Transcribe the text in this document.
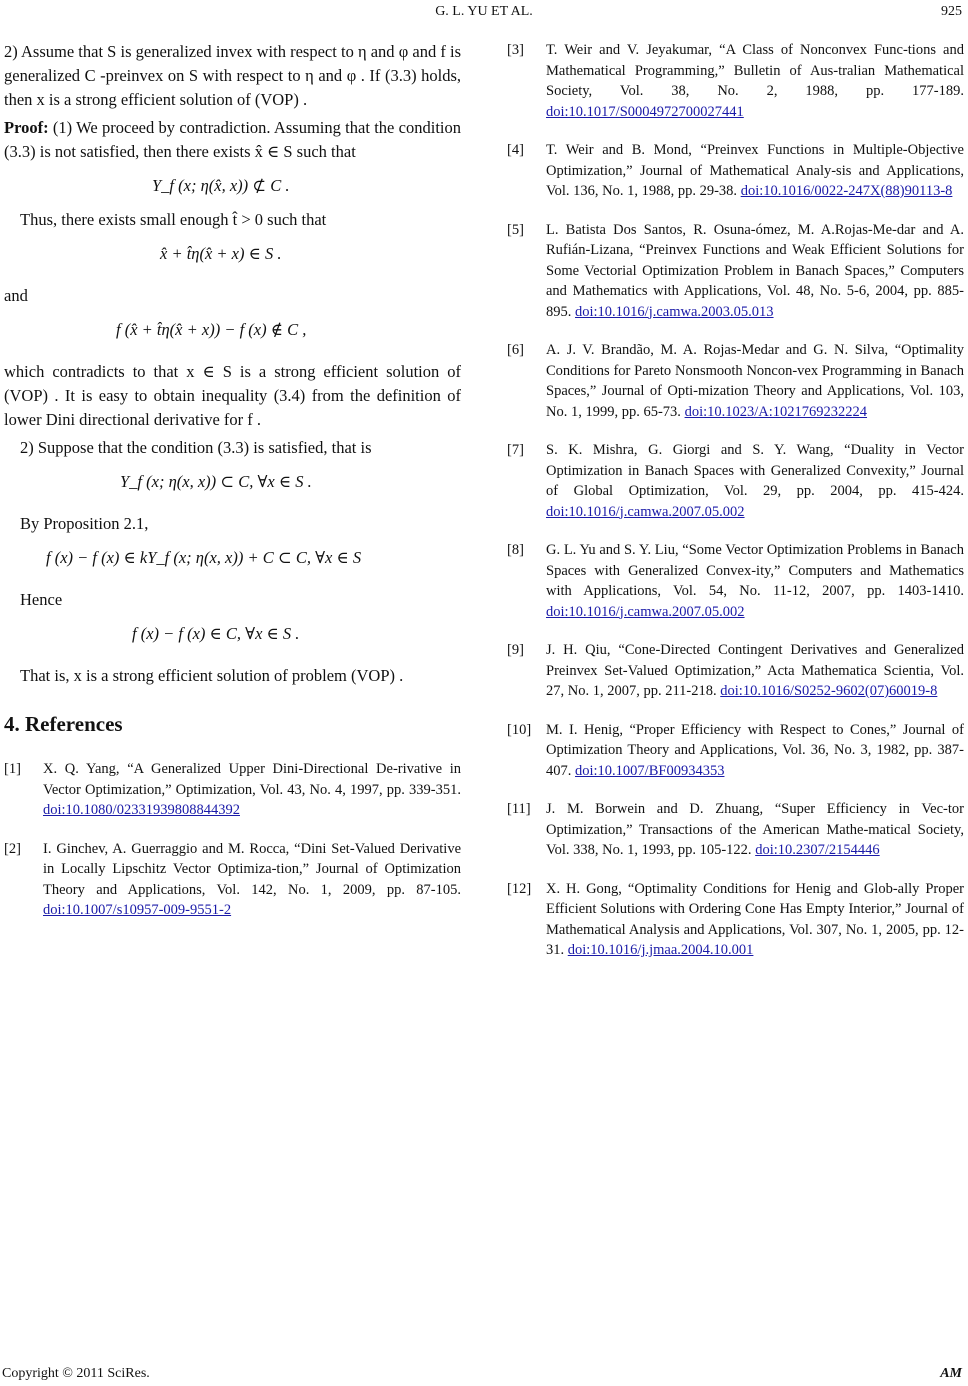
G. L. YU ET AL.	925

2) Assume that S is generalized invex with respect to η and φ and f is generalized C -preinvex on S with respect to η and φ . If (3.3) holds, then x is a strong efficient solution of (VOP) .

Proof: (1) We proceed by contradiction. Assuming that the condition (3.3) is not satisfied, then there exists x̂ ∈ S such that

Y_f (x; η(x̂, x)) ⊄ C .

Thus, there exists small enough t̂ > 0 such that

x̂ + t̂η(x̂ + x) ∈ S .

and

f (x̂ + t̂η(x̂ + x)) − f (x) ∉ C ,

which contradicts to that x ∈ S is a strong efficient solution of (VOP) . It is easy to obtain inequality (3.4) from the definition of lower Dini directional derivative for f .

2) Suppose that the condition (3.3) is satisfied, that is

Y_f (x; η(x, x)) ⊂ C, ∀x ∈ S .

By Proposition 2.1,

f (x) − f (x) ∈ kY_f (x; η(x, x)) + C ⊂ C, ∀x ∈ S

Hence

f (x) − f (x) ∈ C, ∀x ∈ S .

That is, x is a strong efficient solution of problem (VOP) .

4. References
[1] X. Q. Yang, “A Generalized Upper Dini-Directional De-rivative in Vector Optimization,” Optimization, Vol. 43, No. 4, 1997, pp. 339-351. doi:10.1080/02331939808844392
[2] I. Ginchev, A. Guerraggio and M. Rocca, “Dini Set-Valued Derivative in Locally Lipschitz Vector Optimiza-tion,” Journal of Optimization Theory and Applications, Vol. 142, No. 1, 2009, pp. 87-105. doi:10.1007/s10957-009-9551-2
[3] T. Weir and V. Jeyakumar, “A Class of Nonconvex Func-tions and Mathematical Programming,” Bulletin of Aus-tralian Mathematical Society, Vol. 38, No. 2, 1988, pp. 177-189. doi:10.1017/S0004972700027441
[4] T. Weir and B. Mond, “Preinvex Functions in Multiple-Objective Optimization,” Journal of Mathematical Analy-sis and Applications, Vol. 136, No. 1, 1988, pp. 29-38. doi:10.1016/0022-247X(88)90113-8
[5] L. Batista Dos Santos, R. Osuna-ómez, M. A.Rojas-Me-dar and A. Rufián-Lizana, “Preinvex Functions and Weak Efficient Solutions for Some Vectorial Optimization Problem in Banach Spaces,” Computers and Mathematics with Applications, Vol. 48, No. 5-6, 2004, pp. 885-895. doi:10.1016/j.camwa.2003.05.013
[6] A. J. V. Brandão, M. A. Rojas-Medar and G. N. Silva, “Optimality Conditions for Pareto Nonsmooth Noncon-vex Programming in Banach Spaces,” Journal of Opti-mization Theory and Applications, Vol. 103, No. 1, 1999, pp. 65-73. doi:10.1023/A:1021769232224
[7] S. K. Mishra, G. Giorgi and S. Y. Wang, “Duality in Vector Optimization in Banach Spaces with Generalized Convexity,” Journal of Global Optimization, Vol. 29, pp. 2004, pp. 415-424. doi:10.1016/j.camwa.2007.05.002
[8] G. L. Yu and S. Y. Liu, “Some Vector Optimization Problems in Banach Spaces with Generalized Convex-ity,” Computers and Mathematics with Applications, Vol. 54, No. 11-12, 2007, pp. 1403-1410. doi:10.1016/j.camwa.2007.05.002
[9] J. H. Qiu, “Cone-Directed Contingent Derivatives and Generalized Preinvex Set-Valued Optimization,” Acta Mathematica Scientia, Vol. 27, No. 1, 2007, pp. 211-218. doi:10.1016/S0252-9602(07)60019-8
[10] M. I. Henig, “Proper Efficiency with Respect to Cones,” Journal of Optimization Theory and Applications, Vol. 36, No. 3, 1982, pp. 387-407. doi:10.1007/BF00934353
[11] J. M. Borwein and D. Zhuang, “Super Efficiency in Vec-tor Optimization,” Transactions of the American Mathe-matical Society, Vol. 338, No. 1, 1993, pp. 105-122. doi:10.2307/2154446
[12] X. H. Gong, “Optimality Conditions for Henig and Glob-ally Proper Efficient Solutions with Ordering Cone Has Empty Interior,” Journal of Mathematical Analysis and Applications, Vol. 307, No. 1, 2005, pp. 12-31. doi:10.1016/j.jmaa.2004.10.001
Copyright © 2011 SciRes.	AM
